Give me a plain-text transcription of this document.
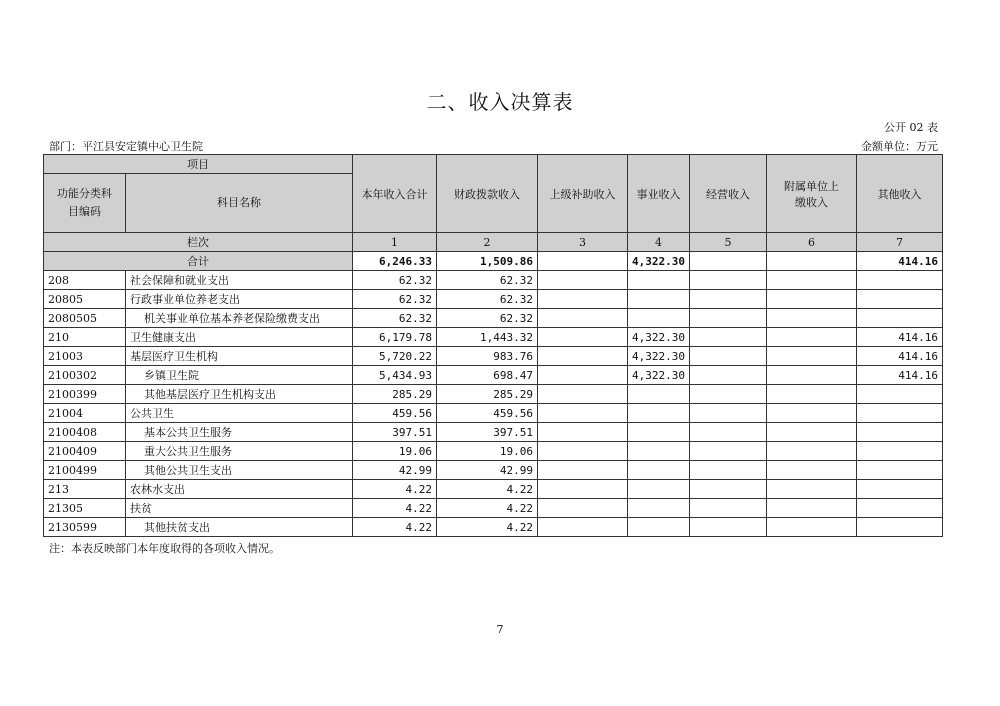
二、收入决算表
公开 02 表
部门：平江县安定镇中心卫生院	金额单位：万元
项目		本年收入合计	财政拨款收入	上级补助收入	事业收入	经营收入	附属单位上缴收入	其他收入
功能分类科目编码	科目名称							
栏次		1	2	3	4	5	6	7
合计		6,246.33	1,509.86		4,322.30			414.16
208	社会保障和就业支出	62.32	62.32					
20805	行政事业单位养老支出	62.32	62.32					
2080505	机关事业单位基本养老保险缴费支出	62.32	62.32					
210	卫生健康支出	6,179.78	1,443.32		4,322.30			414.16
21003	基层医疗卫生机构	5,720.22	983.76		4,322.30			414.16
2100302	乡镇卫生院	5,434.93	698.47		4,322.30			414.16
2100399	其他基层医疗卫生机构支出	285.29	285.29					
21004	公共卫生	459.56	459.56					
2100408	基本公共卫生服务	397.51	397.51					
2100409	重大公共卫生服务	19.06	19.06					
2100499	其他公共卫生支出	42.99	42.99					
213	农林水支出	4.22	4.22					
21305	扶贫	4.22	4.22					
2130599	其他扶贫支出	4.22	4.22					
注：本表反映部门本年度取得的各项收入情况。
7
